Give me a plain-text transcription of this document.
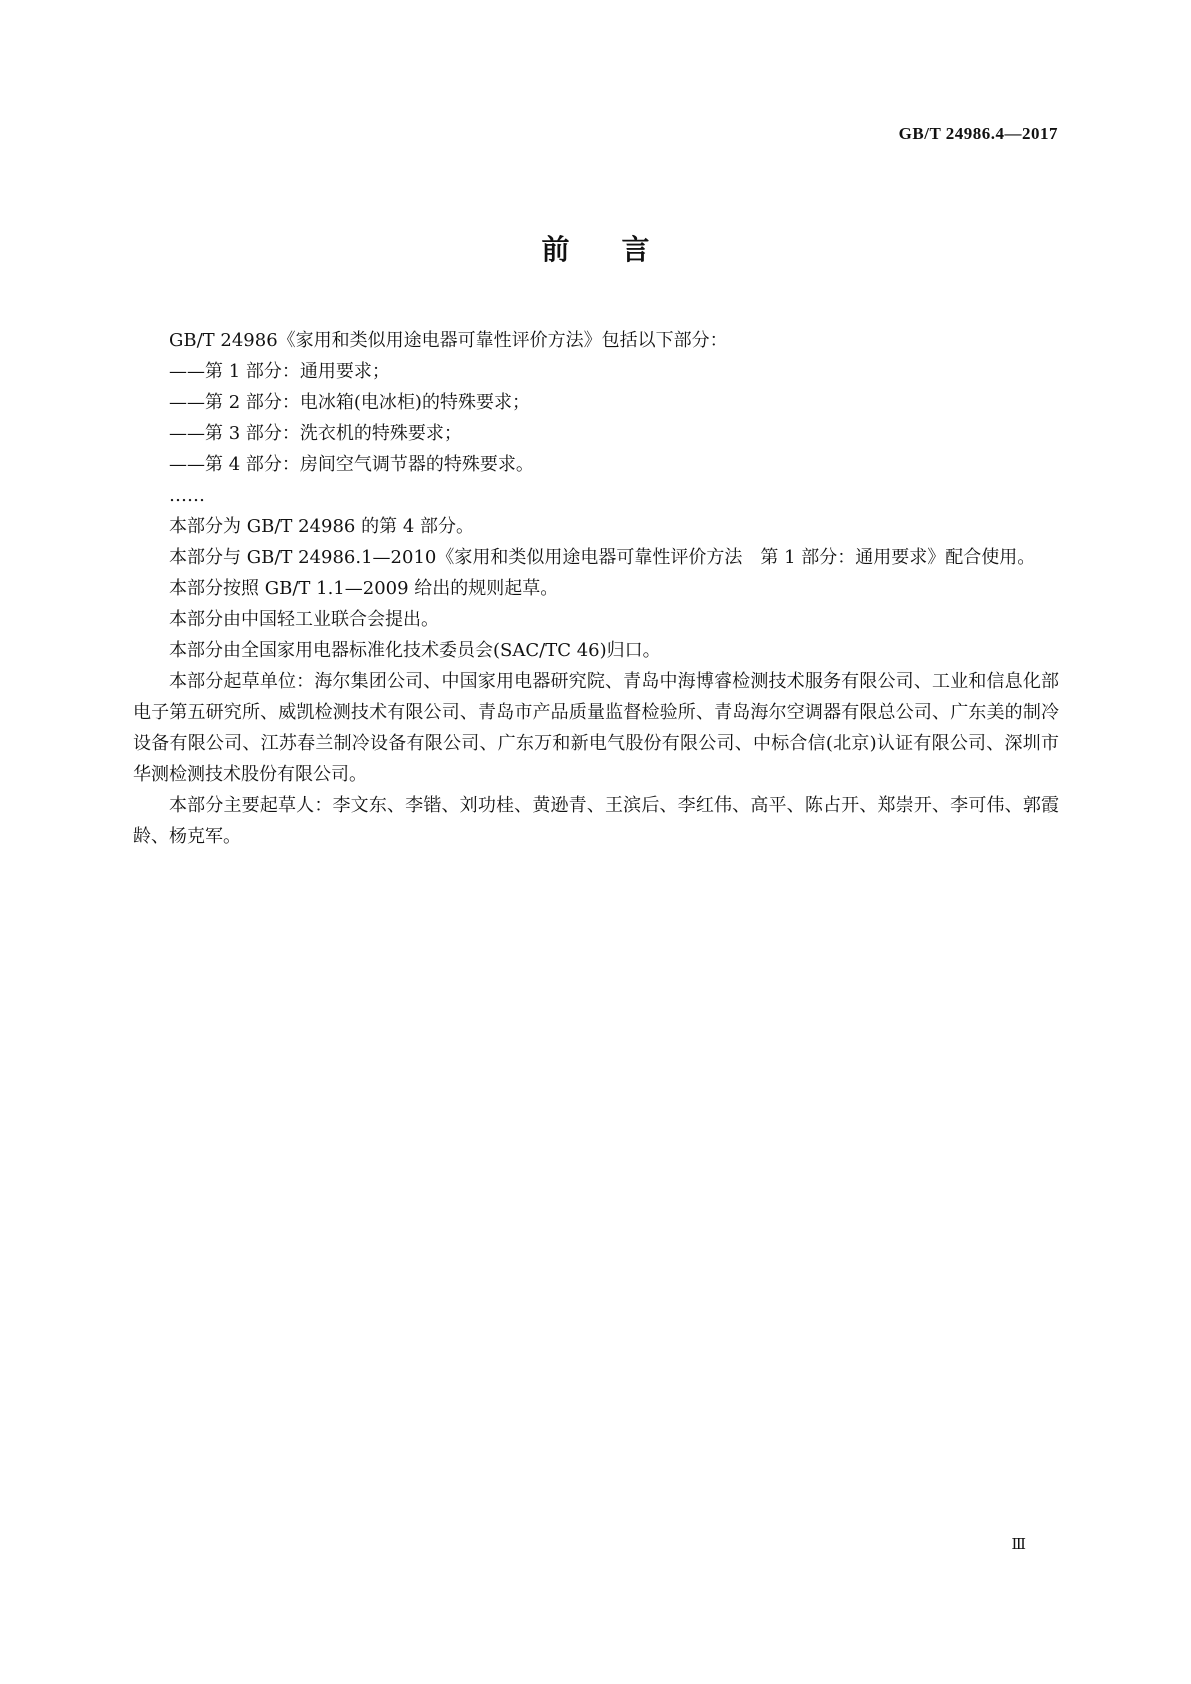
GB/T 24986.4—2017
前言

GB/T 24986《家用和类似用途电器可靠性评价方法》包括以下部分：

——第 1 部分：通用要求；

——第 2 部分：电冰箱(电冰柜)的特殊要求；

——第 3 部分：洗衣机的特殊要求；

——第 4 部分：房间空气调节器的特殊要求。

……

本部分为 GB/T 24986 的第 4 部分。

本部分与 GB/T 24986.1—2010《家用和类似用途电器可靠性评价方法　第 1 部分：通用要求》配合使用。

本部分按照 GB/T 1.1—2009 给出的规则起草。

本部分由中国轻工业联合会提出。

本部分由全国家用电器标准化技术委员会(SAC/TC 46)归口。

本部分起草单位：海尔集团公司、中国家用电器研究院、青岛中海博睿检测技术服务有限公司、工业和信息化部电子第五研究所、威凯检测技术有限公司、青岛市产品质量监督检验所、青岛海尔空调器有限总公司、广东美的制冷设备有限公司、江苏春兰制冷设备有限公司、广东万和新电气股份有限公司、中标合信(北京)认证有限公司、深圳市华测检测技术股份有限公司。

本部分主要起草人：李文东、李锴、刘功桂、黄逊青、王滨后、李红伟、高平、陈占开、郑崇开、李可伟、郭霞龄、杨克军。

Ⅲ
